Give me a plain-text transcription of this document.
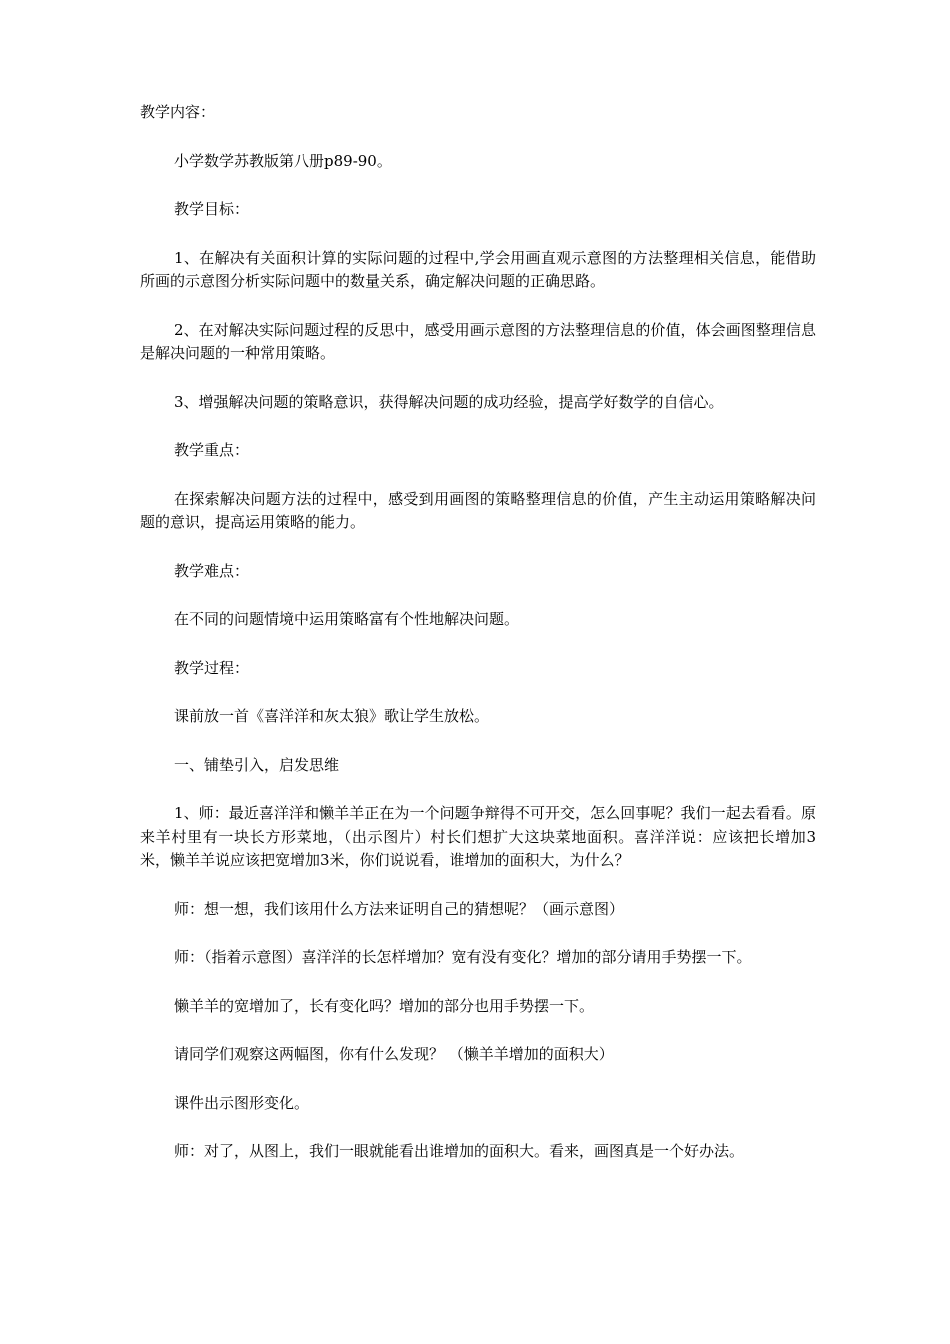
教学内容：

小学数学苏教版第八册p89-90。

教学目标：

1、在解决有关面积计算的实际问题的过程中,学会用画直观示意图的方法整理相关信息，能借助所画的示意图分析实际问题中的数量关系，确定解决问题的正确思路。

2、在对解决实际问题过程的反思中，感受用画示意图的方法整理信息的价值，体会画图整理信息是解决问题的一种常用策略。

3、增强解决问题的策略意识，获得解决问题的成功经验，提高学好数学的自信心。

教学重点：

在探索解决问题方法的过程中，感受到用画图的策略整理信息的价值，产生主动运用策略解决问题的意识，提高运用策略的能力。

教学难点：

在不同的问题情境中运用策略富有个性地解决问题。

教学过程：

课前放一首《喜洋洋和灰太狼》歌让学生放松。

一、铺垫引入，启发思维

1、师：最近喜洋洋和懒羊羊正在为一个问题争辩得不可开交，怎么回事呢？我们一起去看看。原来羊村里有一块长方形菜地，（出示图片）村长们想扩大这块菜地面积。喜洋洋说：应该把长增加3米，懒羊羊说应该把宽增加3米，你们说说看，谁增加的面积大，为什么？

师：想一想，我们该用什么方法来证明自己的猜想呢？（画示意图）

师：（指着示意图）喜洋洋的长怎样增加？宽有没有变化？增加的部分请用手势摆一下。

懒羊羊的宽增加了，长有变化吗？增加的部分也用手势摆一下。

请同学们观察这两幅图，你有什么发现？ （懒羊羊增加的面积大）

课件出示图形变化。

师：对了，从图上，我们一眼就能看出谁增加的面积大。看来，画图真是一个好办法。
